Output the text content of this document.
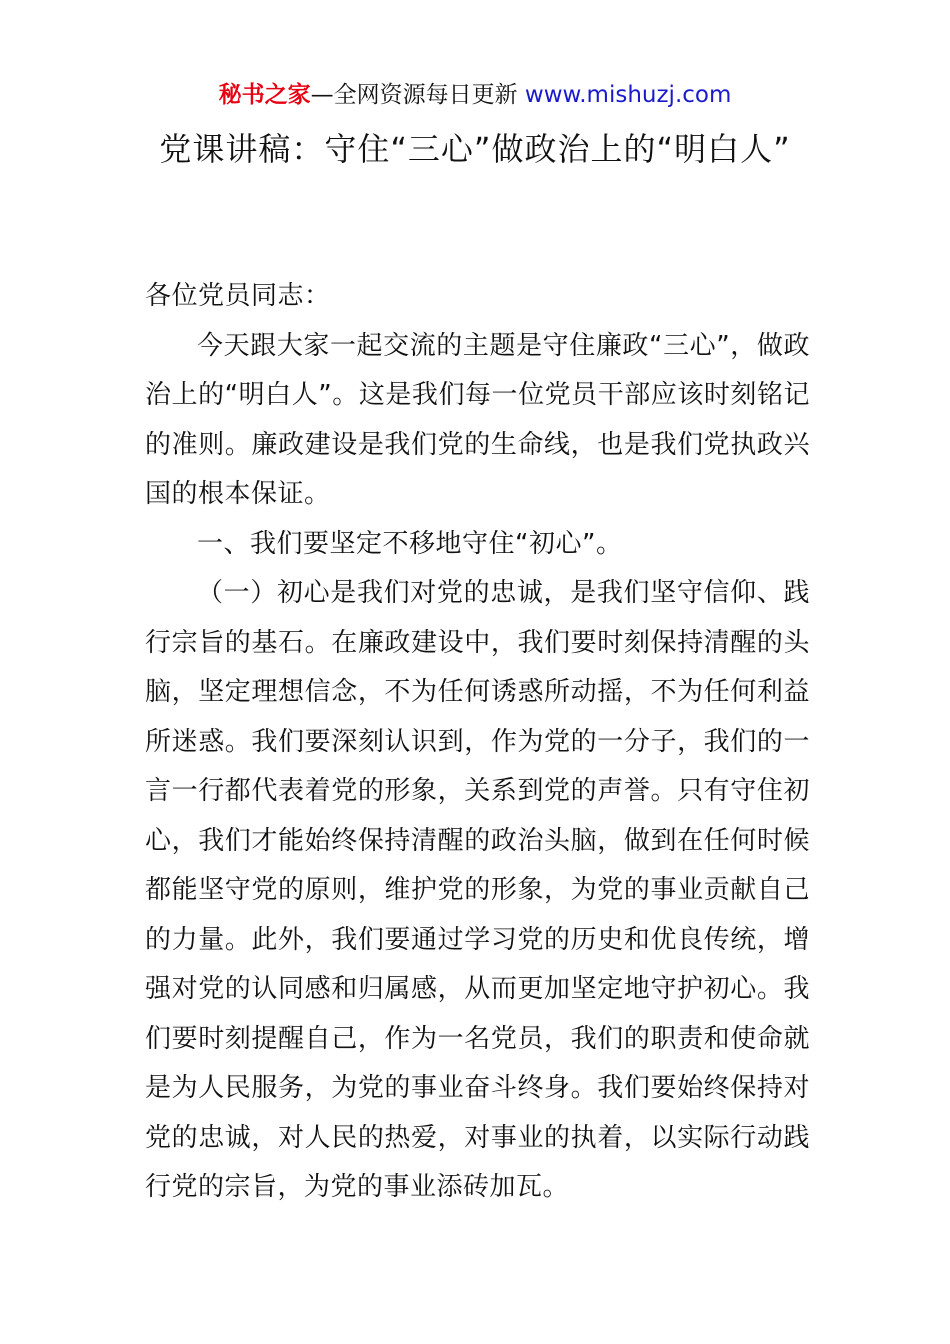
秘书之家—全网资源每日更新 www.mishuzj.com
党课讲稿：守住“三心”做政治上的“明白人”

各位党员同志：

今天跟大家一起交流的主题是守住廉政“三心”，做政治上的“明白人”。这是我们每一位党员干部应该时刻铭记的准则。廉政建设是我们党的生命线，也是我们党执政兴国的根本保证。

一、我们要坚定不移地守住“初心”。

（一）初心是我们对党的忠诚，是我们坚守信仰、践行宗旨的基石。在廉政建设中，我们要时刻保持清醒的头脑，坚定理想信念，不为任何诱惑所动摇，不为任何利益所迷惑。我们要深刻认识到，作为党的一分子，我们的一言一行都代表着党的形象，关系到党的声誉。只有守住初心，我们才能始终保持清醒的政治头脑，做到在任何时候都能坚守党的原则，维护党的形象，为党的事业贡献自己的力量。此外，我们要通过学习党的历史和优良传统，增强对党的认同感和归属感，从而更加坚定地守护初心。我们要时刻提醒自己，作为一名党员，我们的职责和使命就是为人民服务，为党的事业奋斗终身。我们要始终保持对党的忠诚，对人民的热爱，对事业的执着，以实际行动践行党的宗旨，为党的事业添砖加瓦。
